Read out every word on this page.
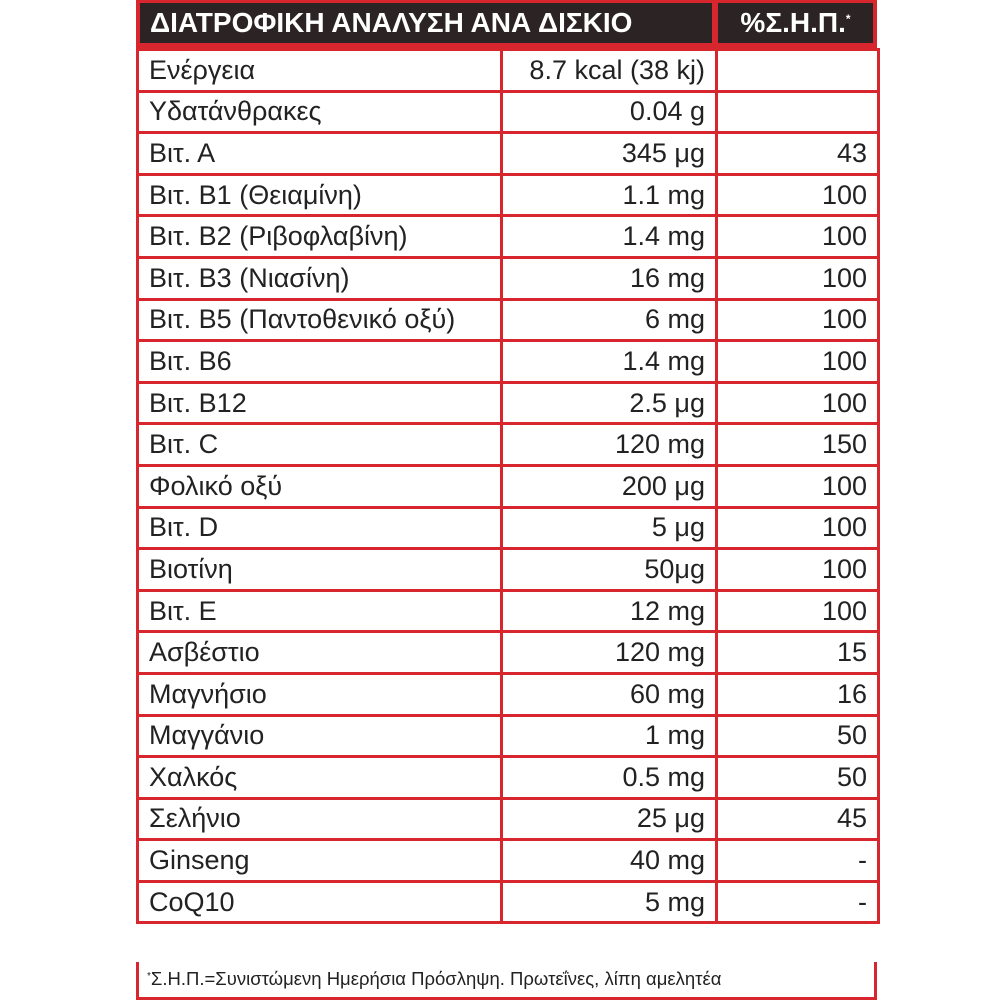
ΔΙΑΤΡΟΦΙΚΗ ΑΝΑΛΥΣΗ ΑΝΑ ΔΙΣΚΙΟ	%Σ.Η.Π.*
Ενέργεια	8.7 kcal (38 kj)	
Υδατάνθρακες	0.04 g	
Βιτ. Α	345 μg	43
Βιτ. Β1 (Θειαμίνη)	1.1 mg	100
Βιτ. Β2 (Ριβοφλαβίνη)	1.4 mg	100
Βιτ. Β3 (Νιασίνη)	16 mg	100
Βιτ. Β5 (Παντοθενικό οξύ)	6 mg	100
Βιτ. Β6	1.4 mg	100
Βιτ. Β12	2.5 μg	100
Βιτ. C	120 mg	150
Φολικό οξύ	200 μg	100
Βιτ. D	5 μg	100
Βιοτίνη	50μg	100
Βιτ. Ε	12 mg	100
Ασβέστιο	120 mg	15
Μαγνήσιο	60 mg	16
Μαγγάνιο	1 mg	50
Χαλκός	0.5 mg	50
Σελήνιο	25 μg	45
Ginseng	40 mg	-
CoQ10	5 mg	-
*Σ.Η.Π.=Συνιστώμενη Ημερήσια Πρόσληψη. Πρωτεΐνες, λίπη αμελητέα
